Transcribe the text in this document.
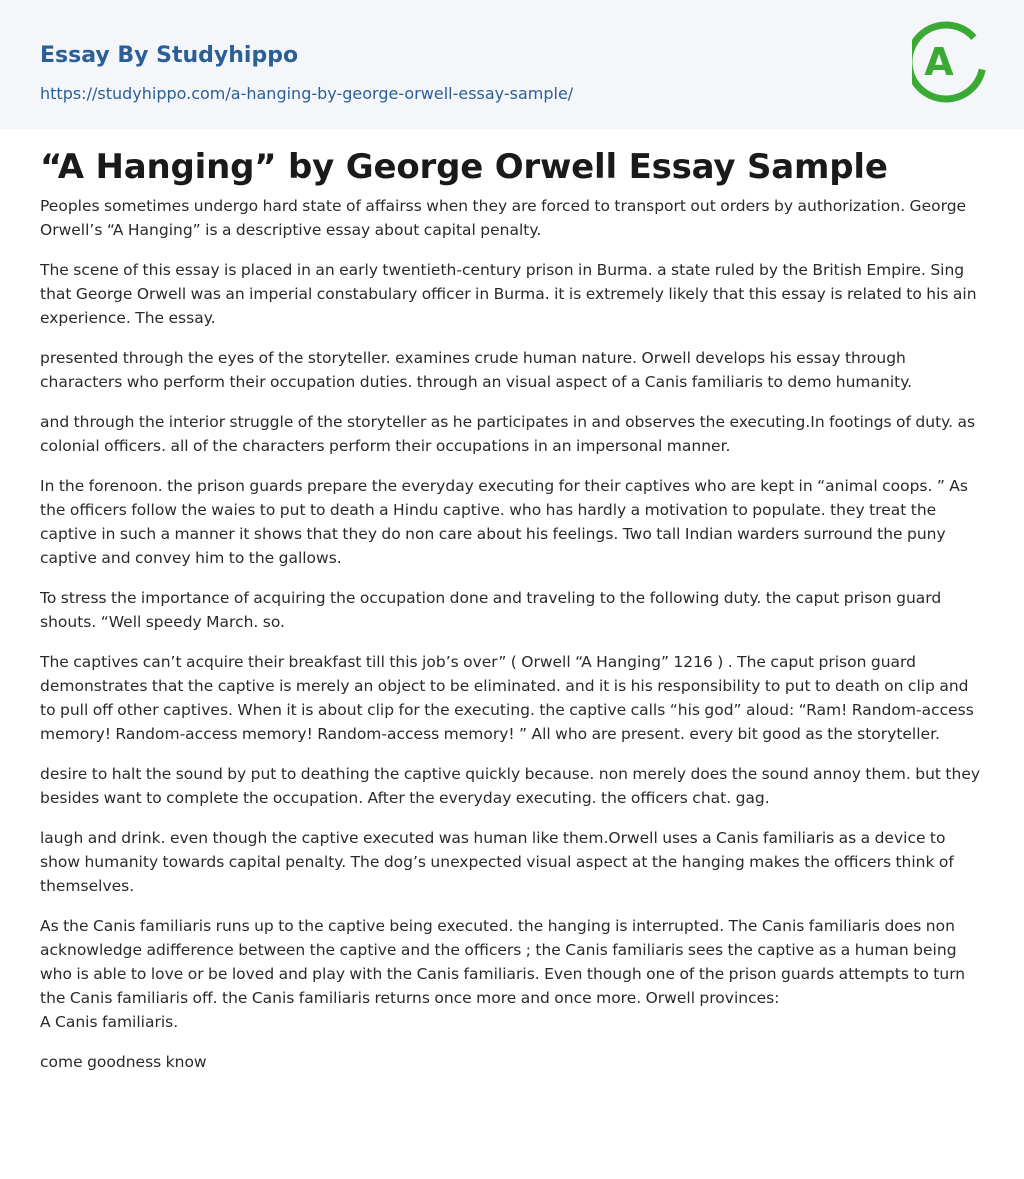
Essay By Studyhippo
https://studyhippo.com/a-hanging-by-george-orwell-essay-sample/
A
“A Hanging” by George Orwell Essay Sample

Peoples sometimes undergo hard state of affairss when they are forced to transport out orders by authorization. George Orwell’s “A Hanging” is a descriptive essay about capital penalty.

The scene of this essay is placed in an early twentieth-century prison in Burma. a state ruled by the British Empire. Sing that George Orwell was an imperial constabulary officer in Burma. it is extremely likely that this essay is related to his ain experience. The essay.

presented through the eyes of the storyteller. examines crude human nature. Orwell develops his essay through characters who perform their occupation duties. through an visual aspect of a Canis familiaris to demo humanity.

and through the interior struggle of the storyteller as he participates in and observes the executing.In footings of duty. as colonial officers. all of the characters perform their occupations in an impersonal manner.

In the forenoon. the prison guards prepare the everyday executing for their captives who are kept in “animal coops. ” As the officers follow the waies to put to death a Hindu captive. who has hardly a motivation to populate. they treat the captive in such a manner it shows that they do non care about his feelings. Two tall Indian warders surround the puny captive and convey him to the gallows.

To stress the importance of acquiring the occupation done and traveling to the following duty. the caput prison guard shouts. “Well speedy March. so.

The captives can’t acquire their breakfast till this job’s over” ( Orwell “A Hanging” 1216 ) . The caput prison guard demonstrates that the captive is merely an object to be eliminated. and it is his responsibility to put to death on clip and to pull off other captives. When it is about clip for the executing. the captive calls “his god” aloud: “Ram! Random-access memory! Random-access memory! Random-access memory! ” All who are present. every bit good as the storyteller.

desire to halt the sound by put to deathing the captive quickly because. non merely does the sound annoy them. but they besides want to complete the occupation. After the everyday executing. the officers chat. gag.

laugh and drink. even though the captive executed was human like them.Orwell uses a Canis familiaris as a device to show humanity towards capital penalty. The dog’s unexpected visual aspect at the hanging makes the officers think of themselves.

As the Canis familiaris runs up to the captive being executed. the hanging is interrupted. The Canis familiaris does non acknowledge adifference between the captive and the officers ; the Canis familiaris sees the captive as a human being who is able to love or be loved and play with the Canis familiaris. Even though one of the prison guards attempts to turn the Canis familiaris off. the Canis familiaris returns once more and once more. Orwell provinces:
A Canis familiaris.

come goodness know
